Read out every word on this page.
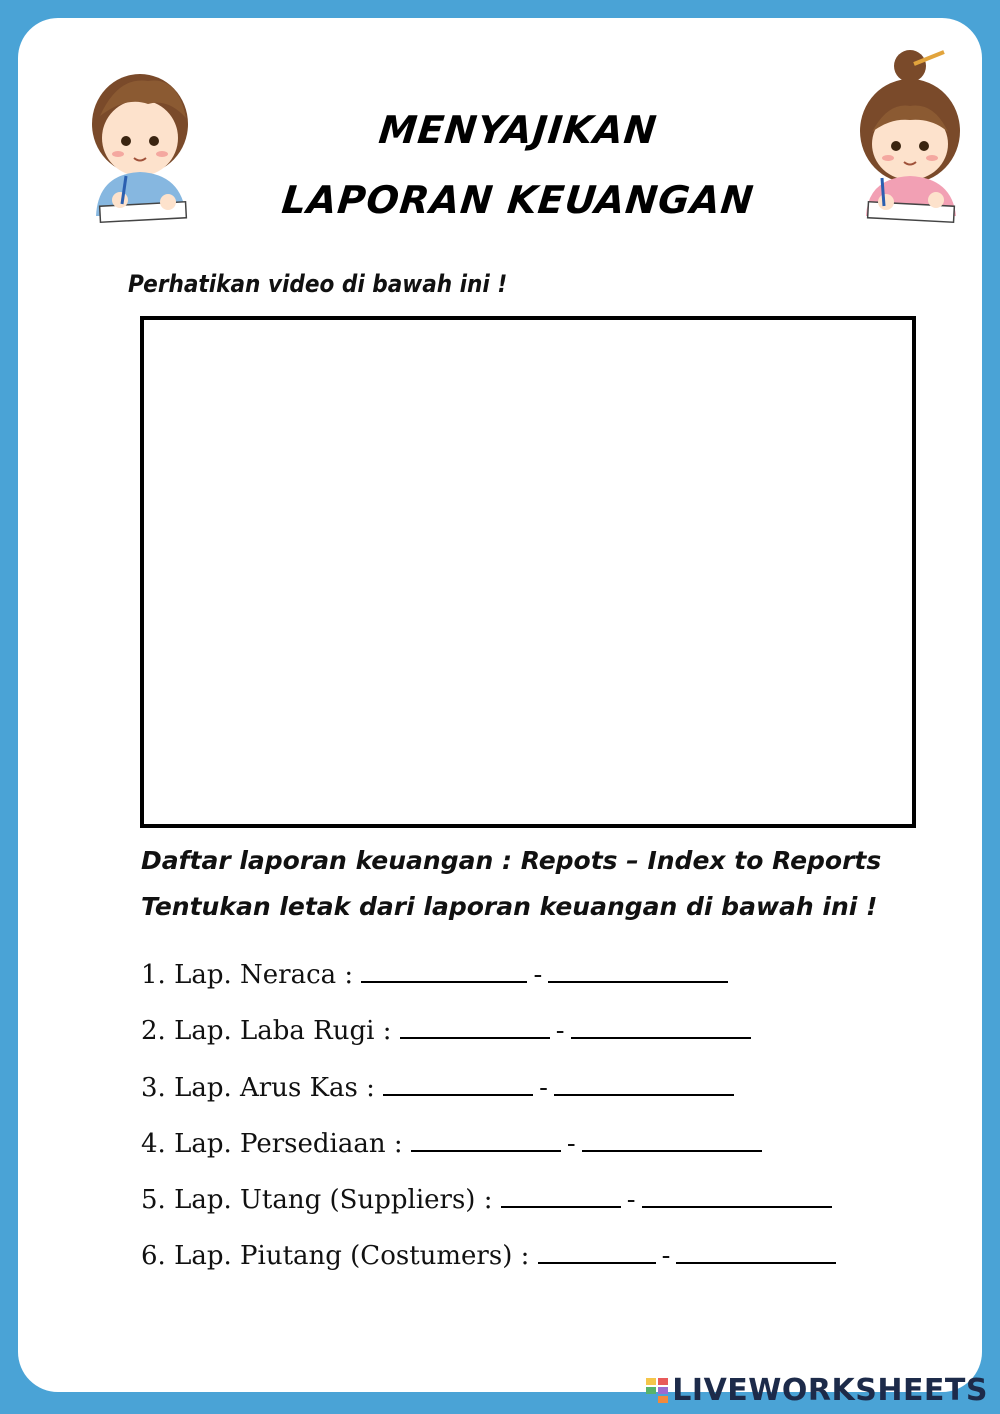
MENYAJIKAN
LAPORAN KEUANGAN
Perhatikan video di bawah ini !
Daftar laporan keuangan : Repots – Index to Reports
Tentukan letak dari laporan keuangan di bawah ini !
1. Lap. Neraca :	-
2. Lap. Laba Rugi :	-
3. Lap. Arus Kas :	-
4. Lap. Persediaan :	-
5. Lap. Utang (Suppliers) :	-
6. Lap. Piutang (Costumers) :	-
LIVEWORKSHEETS
